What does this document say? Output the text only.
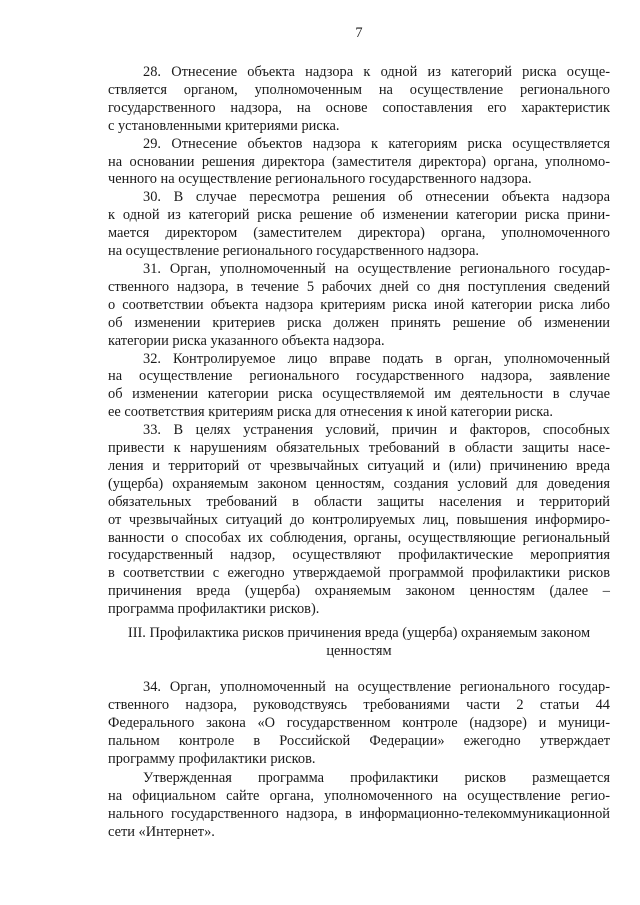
7
28. Отнесение объекта надзора к одной из категорий риска осуще-
ствляется органом, уполномоченным на осуществление регионального
государственного надзора, на основе сопоставления его характеристик
с установленными критериями риска.
29. Отнесение объектов надзора к категориям риска осуществляется
на основании решения директора (заместителя директора) органа, уполномо-
ченного на осуществление регионального государственного надзора.
30. В случае пересмотра решения об отнесении объекта надзора
к одной из категорий риска решение об изменении категории риска прини-
мается директором (заместителем директора) органа, уполномоченного
на осуществление регионального государственного надзора.
31. Орган, уполномоченный на осуществление регионального государ-
ственного надзора, в течение 5 рабочих дней со дня поступления сведений
о соответствии объекта надзора критериям риска иной категории риска либо
об изменении критериев риска должен принять решение об изменении
категории риска указанного объекта надзора.
32. Контролируемое лицо вправе подать в орган, уполномоченный
на осуществление регионального государственного надзора, заявление
об изменении категории риска осуществляемой им деятельности в случае
ее соответствия критериям риска для отнесения к иной категории риска.
33. В целях устранения условий, причин и факторов, способных
привести к нарушениям обязательных требований в области защиты насе-
ления и территорий от чрезвычайных ситуаций и (или) причинению вреда
(ущерба) охраняемым законом ценностям, создания условий для доведения
обязательных требований в области защиты населения и территорий
от чрезвычайных ситуаций до контролируемых лиц, повышения информиро-
ванности о способах их соблюдения, органы, осуществляющие региональный
государственный надзор, осуществляют профилактические мероприятия
в соответствии с ежегодно утверждаемой программой профилактики рисков
причинения вреда (ущерба) охраняемым законом ценностям (далее –
программа профилактики рисков).
III. Профилактика рисков причинения вреда (ущерба) охраняемым законом
ценностям
34. Орган, уполномоченный на осуществление регионального государ-
ственного надзора, руководствуясь требованиями части 2 статьи 44
Федерального закона «О государственном контроле (надзоре) и муници-
пальном контроле в Российской Федерации» ежегодно утверждает
программу профилактики рисков.
Утвержденная программа профилактики рисков размещается
на официальном сайте органа, уполномоченного на осуществление регио-
нального государственного надзора, в информационно-телекоммуникационной
сети «Интернет».
